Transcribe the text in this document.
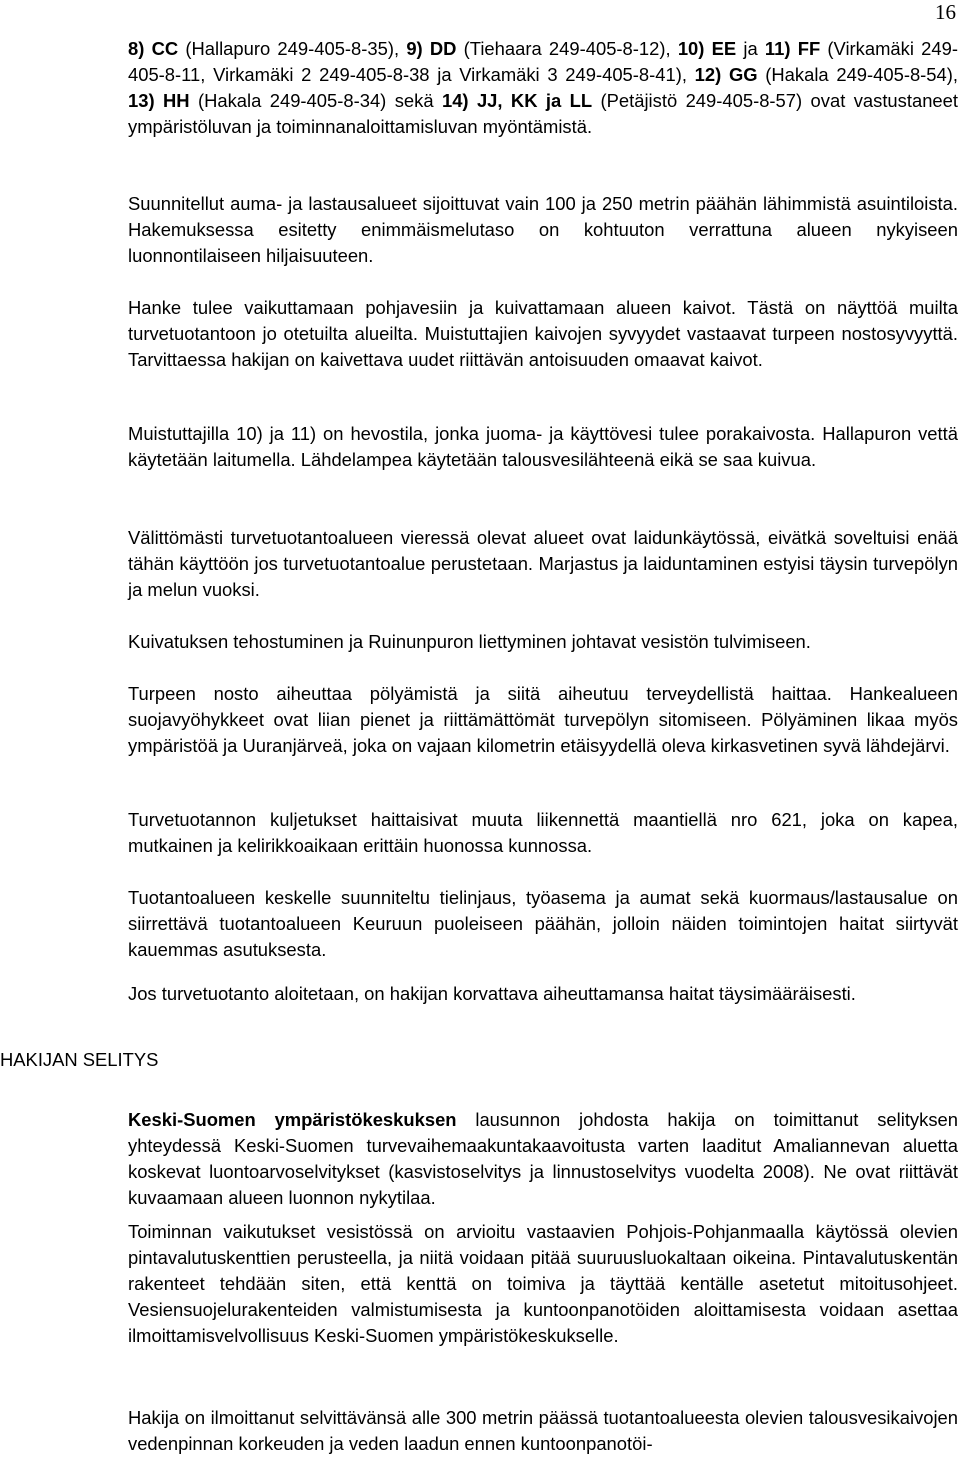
16
HAKIJAN SELITYS

8) CC (Hallapuro 249-405-8-35), 9) DD (Tiehaara 249-405-8-12), 10) EE ja 11) FF (Virkamäki 249-405-8-11, Virkamäki 2 249-405-8-38 ja Virkamäki 3 249-405-8-41), 12) GG (Hakala 249-405-8-54), 13) HH (Hakala 249-405-8-34) sekä 14) JJ, KK ja LL (Petäjistö 249-405-8-57) ovat vastustaneet ympäristöluvan ja toiminnanaloittamisluvan myöntämistä.

Suunnitellut auma- ja lastausalueet sijoittuvat vain 100 ja 250 metrin päähän lähimmistä asuintiloista. Hakemuksessa esitetty enimmäismelutaso on kohtuuton verrattuna alueen nykyiseen luonnontilaiseen hiljaisuuteen.

Hanke tulee vaikuttamaan pohjavesiin ja kuivattamaan alueen kaivot. Tästä on näyttöä muilta turvetuotantoon jo otetuilta alueilta. Muistuttajien kaivojen syvyydet vastaavat turpeen nostosyvyyttä. Tarvittaessa hakijan on kaivettava uudet riittävän antoisuuden omaavat kaivot.

Muistuttajilla 10) ja 11) on hevostila, jonka juoma- ja käyttövesi tulee porakaivosta. Hallapuron vettä käytetään laitumella. Lähdelampea käytetään talousvesilähteenä eikä se saa kuivua.

Välittömästi turvetuotantoalueen vieressä olevat alueet ovat laidunkäytössä, eivätkä soveltuisi enää tähän käyttöön jos turvetuotantoalue perustetaan. Marjastus ja laiduntaminen estyisi täysin turvepölyn ja melun vuoksi.

Kuivatuksen tehostuminen ja Ruinunpuron liettyminen johtavat vesistön tulvimiseen.

Turpeen nosto aiheuttaa pölyämistä ja siitä aiheutuu terveydellistä haittaa. Hankealueen suojavyöhykkeet ovat liian pienet ja riittämättömät turvepölyn sitomiseen. Pölyäminen likaa myös ympäristöä ja Uuranjärveä, joka on vajaan kilometrin etäisyydellä oleva kirkasvetinen syvä lähdejärvi.

Turvetuotannon kuljetukset haittaisivat muuta liikennettä maantiellä nro 621, joka on kapea, mutkainen ja kelirikkoaikaan erittäin huonossa kunnossa.

Tuotantoalueen keskelle suunniteltu tielinjaus, työasema ja aumat sekä kuormaus/lastausalue on siirrettävä tuotantoalueen Keuruun puoleiseen päähän, jolloin näiden toimintojen haitat siirtyvät kauemmas asutuksesta.

Jos turvetuotanto aloitetaan, on hakijan korvattava aiheuttamansa haitat täysimääräisesti.

Keski-Suomen ympäristökeskuksen lausunnon johdosta hakija on toimittanut selityksen yhteydessä Keski-Suomen turvevaihemaakuntakaavoitusta varten laaditut Amaliannevan aluetta koskevat luontoarvoselvitykset (kasvistoselvitys ja linnustoselvitys vuodelta 2008). Ne ovat riittävät kuvaamaan alueen luonnon nykytilaa.

Toiminnan vaikutukset vesistössä on arvioitu vastaavien Pohjois-Pohjanmaalla käytössä olevien pintavalutuskenttien perusteella, ja niitä voidaan pitää suuruusluokaltaan oikeina. Pintavalutuskentän rakenteet tehdään siten, että kenttä on toimiva ja täyttää kentälle asetetut mitoitusohjeet. Vesiensuojelurakenteiden valmistumisesta ja kuntoonpanotöiden aloittamisesta voidaan asettaa ilmoittamisvelvollisuus Keski-Suomen ympäristökeskukselle.

Hakija on ilmoittanut selvittävänsä alle 300 metrin päässä tuotantoalueesta olevien talousvesikaivojen vedenpinnan korkeuden ja veden laadun ennen kuntoonpanotöi-
